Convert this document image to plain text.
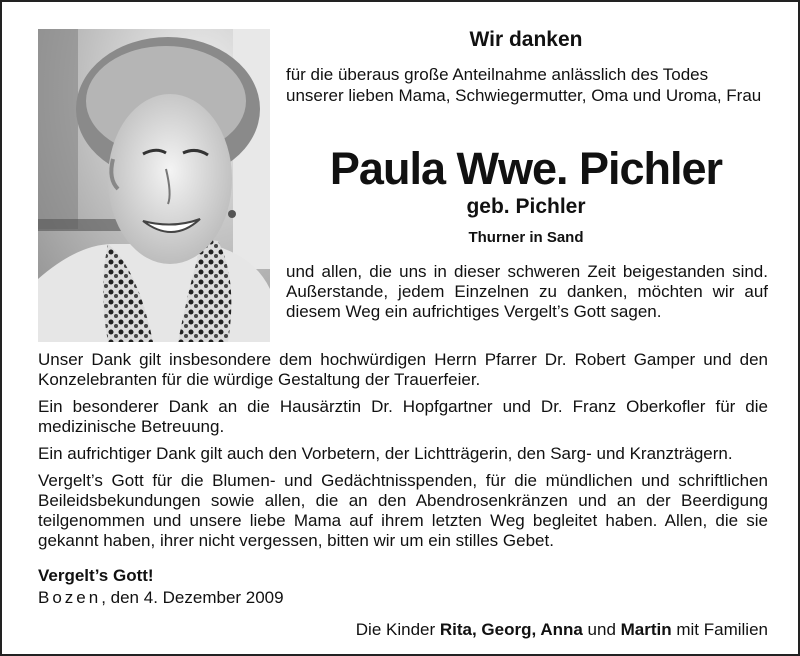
Wir danken
für die überaus große Anteilnahme anlässlich des Todes unserer lieben Mama, Schwiegermutter, Oma und Uroma, Frau
Paula Wwe. Pichler
geb. Pichler
Thurner in Sand
und allen, die uns in dieser schweren Zeit beigestanden sind. Außerstande, jedem Einzelnen zu danken, möchten wir auf diesem Weg ein aufrichtiges Vergelt’s Gott sagen.

Unser Dank gilt insbesondere dem hochwürdigen Herrn Pfarrer Dr. Robert Gamper und den Konzelebranten für die würdige Gestaltung der Trauerfeier.

Ein besonderer Dank an die Hausärztin Dr. Hopfgartner und Dr. Franz Oberkofler für die medizinische Betreuung.

Ein aufrichtiger Dank gilt auch den Vorbetern, der Lichtträgerin, den Sarg- und Kranzträgern.

Vergelt’s Gott für die Blumen- und Gedächtnisspenden, für die mündlichen und schriftlichen Beileidsbekundungen sowie allen, die an den Abendrosenkränzen und an der Beerdigung teilgenommen und unsere liebe Mama auf ihrem letzten Weg begleitet haben. Allen, die sie gekannt haben, ihrer nicht vergessen, bitten wir um ein stilles Gebet.

Vergelt’s Gott!
Bozen, den 4. Dezember 2009
Die Kinder Rita, Georg, Anna und Martin mit Familien
